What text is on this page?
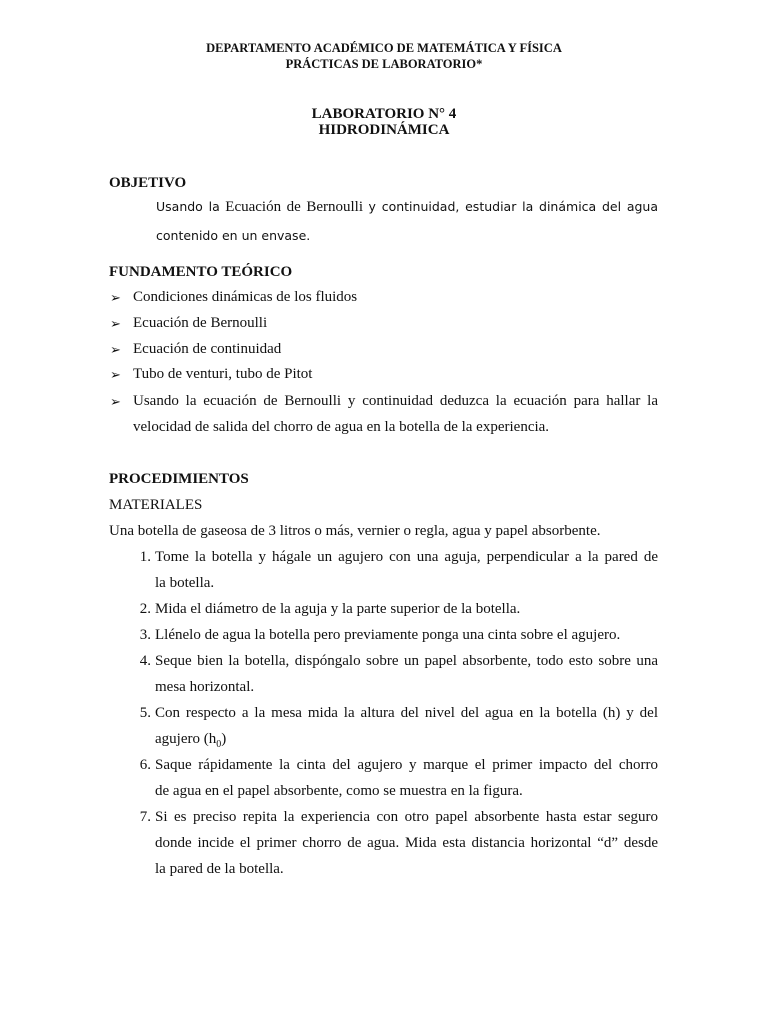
DEPARTAMENTO ACADÉMICO DE MATEMÁTICA Y FÍSICA
PRÁCTICAS DE LABORATORIO*
LABORATORIO N° 4
HIDRODINÁMICA
OBJETIVO
Usando la Ecuación de Bernoulli y continuidad, estudiar la dinámica del agua
contenido en un envase.
FUNDAMENTO TEÓRICO
➢ Condiciones dinámicas de los fluidos
➢ Ecuación de Bernoulli
➢ Ecuación de continuidad
➢ Tubo de venturi, tubo de Pitot
➢ Usando la ecuación de Bernoulli y continuidad deduzca la ecuación para hallar la
velocidad de salida del chorro de agua en la botella de la experiencia.
PROCEDIMIENTOS
MATERIALES
Una botella de gaseosa de 3 litros o más, vernier o regla, agua y papel absorbente.
1. Tome la botella y hágale un agujero con una aguja, perpendicular a la pared de
la botella.
2. Mida el diámetro de la aguja y la parte superior de la botella.
3. Llénelo de agua la botella pero previamente ponga una cinta sobre el agujero.
4. Seque bien la botella, dispóngalo sobre un papel absorbente, todo esto sobre una
mesa horizontal.
5. Con respecto a la mesa mida la altura del nivel del agua en la botella (h) y del
agujero $(h_0)$
6. Saque rápidamente la cinta del agujero y marque el primer impacto del chorro
de agua en el papel absorbente, como se muestra en la figura.
7. Si es preciso repita la experiencia con otro papel absorbente hasta estar seguro
donde incide el primer chorro de agua. Mida esta distancia horizontal “d” desde
la pared de la botella.
